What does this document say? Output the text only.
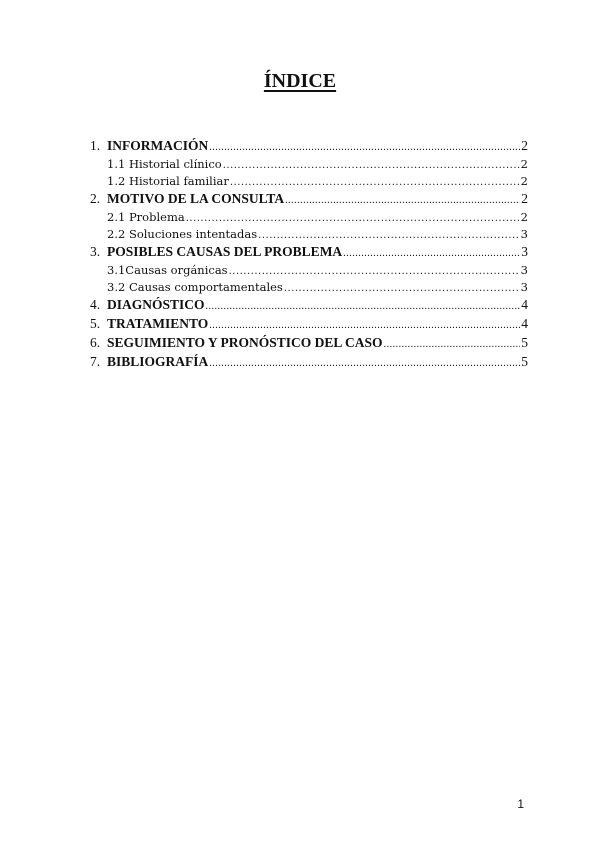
ÍNDICE
1. INFORMACIÓN .....	2
1.1 Historial clínico .....	2
1.2 Historial familiar .....	2
2. MOTIVO DE LA CONSULTA .....	2
2.1 Problema .....	2
2.2 Soluciones intentadas .....	3
3. POSIBLES CAUSAS DEL PROBLEMA .....	3
3.1Causas orgánicas .....	3
3.2 Causas comportamentales .....	3
4. DIAGNÓSTICO .....	4
5. TRATAMIENTO .....	4
6. SEGUIMIENTO Y PRONÓSTICO DEL CASO .....	5
7. BIBLIOGRAFÍA .....	5
1
